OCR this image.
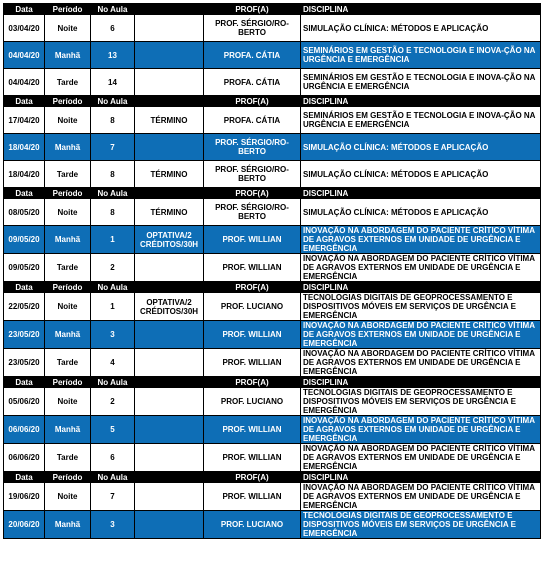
Data	Período	No Aula		PROF(A)	DISCIPLINA
03/04/20	Noite	6		PROF. SÉRGIO/RO-BERTO	SIMULAÇÃO CLÍNICA: MÉTODOS E APLICAÇÃO
04/04/20	Manhã	13		PROFA. CÁTIA	SEMINÁRIOS EM GESTÃO E TECNOLOGIA E INOVA-ÇÃO NA URGÊNCIA E EMERGÊNCIA
04/04/20	Tarde	14		PROFA. CÁTIA	SEMINÁRIOS EM GESTÃO E TECNOLOGIA E INOVA-ÇÃO NA URGÊNCIA E EMERGÊNCIA
Data	Período	No Aula		PROF(A)	DISCIPLINA
17/04/20	Noite	8	TÉRMINO	PROFA. CÁTIA	SEMINÁRIOS EM GESTÃO E TECNOLOGIA E INOVA-ÇÃO NA URGÊNCIA E EMERGÊNCIA
18/04/20	Manhã	7		PROF. SÉRGIO/RO-BERTO	SIMULAÇÃO CLÍNICA: MÉTODOS E APLICAÇÃO
18/04/20	Tarde	8	TÉRMINO	PROF. SÉRGIO/RO-BERTO	SIMULAÇÃO CLÍNICA: MÉTODOS E APLICAÇÃO
Data	Período	No Aula		PROF(A)	DISCIPLINA
08/05/20	Noite	8	TÉRMINO	PROF. SÉRGIO/RO-BERTO	SIMULAÇÃO CLÍNICA: MÉTODOS E APLICAÇÃO
09/05/20	Manhã	1	OPTATIVA/2 CRÉDITOS/30H	PROF. WILLIAN	INOVAÇÃO NA ABORDAGEM DO PACIENTE CRÍTICO VÍTIMA DE AGRAVOS EXTERNOS EM UNIDADE DE URGÊNCIA E EMERGÊNCIA
09/05/20	Tarde	2		PROF. WILLIAN	INOVAÇÃO NA ABORDAGEM DO PACIENTE CRÍTICO VÍTIMA DE AGRAVOS EXTERNOS EM UNIDADE DE URGÊNCIA E EMERGÊNCIA
Data	Período	No Aula		PROF(A)	DISCIPLINA
22/05/20	Noite	1	OPTATIVA/2 CRÉDITOS/30H	PROF. LUCIANO	TECNOLOGIAS DIGITAIS DE GEOPROCESSAMENTO E DISPOSITIVOS MÓVEIS EM SERVIÇOS DE URGÊNCIA E EMERGÊNCIA
23/05/20	Manhã	3		PROF. WILLIAN	INOVAÇÃO NA ABORDAGEM DO PACIENTE CRÍTICO VÍTIMA DE AGRAVOS EXTERNOS EM UNIDADE DE URGÊNCIA E EMERGÊNCIA
23/05/20	Tarde	4		PROF. WILLIAN	INOVAÇÃO NA ABORDAGEM DO PACIENTE CRÍTICO VÍTIMA DE AGRAVOS EXTERNOS EM UNIDADE DE URGÊNCIA E EMERGÊNCIA
Data	Período	No Aula		PROF(A)	DISCIPLINA
05/06/20	Noite	2		PROF. LUCIANO	TECNOLOGIAS DIGITAIS DE GEOPROCESSAMENTO E DISPOSITIVOS MÓVEIS EM SERVIÇOS DE URGÊNCIA E EMERGÊNCIA
06/06/20	Manhã	5		PROF. WILLIAN	INOVAÇÃO NA ABORDAGEM DO PACIENTE CRÍTICO VÍTIMA DE AGRAVOS EXTERNOS EM UNIDADE DE URGÊNCIA E EMERGÊNCIA
06/06/20	Tarde	6		PROF. WILLIAN	INOVAÇÃO NA ABORDAGEM DO PACIENTE CRÍTICO VÍTIMA DE AGRAVOS EXTERNOS EM UNIDADE DE URGÊNCIA E EMERGÊNCIA
Data	Período	No Aula		PROF(A)	DISCIPLINA
19/06/20	Noite	7		PROF. WILLIAN	INOVAÇÃO NA ABORDAGEM DO PACIENTE CRÍTICO VÍTIMA DE AGRAVOS EXTERNOS EM UNIDADE DE URGÊNCIA E EMERGÊNCIA
20/06/20	Manhã	3		PROF. LUCIANO	TECNOLOGIAS DIGITAIS DE GEOPROCESSAMENTO E DISPOSITIVOS MÓVEIS EM SERVIÇOS DE URGÊNCIA E EMERGÊNCIA
